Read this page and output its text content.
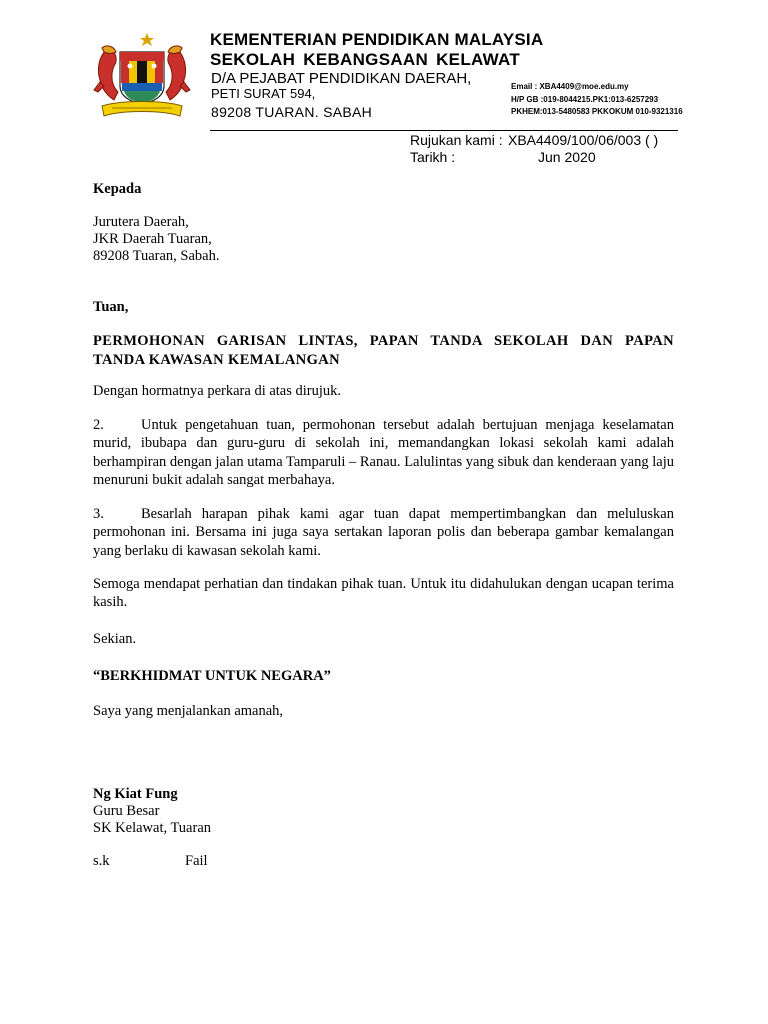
KEMENTERIAN PENDIDIKAN MALAYSIA
SEKOLAH KEBANGSAAN KELAWAT
D/A PEJABAT PENDIDIKAN DAERAH,
PETI SURAT 594,
89208 TUARAN. SABAH
Email : XBA4409@moe.edu.my
H/P GB :019-8044215.PK1:013-6257293
PKHEM:013-5480583 PKKOKUM 010-9321316
Rujukan kami : XBA4409/100/06/003 ( )
Tarikh :	Jun 2020
Kepada
Jurutera Daerah,
JKR Daerah Tuaran,
89208 Tuaran, Sabah.
Tuan,
PERMOHONAN GARISAN LINTAS, PAPAN TANDA SEKOLAH DAN PAPAN TANDA KAWASAN KEMALANGAN
Dengan hormatnya perkara di atas dirujuk.
2.	Untuk pengetahuan tuan, permohonan tersebut adalah bertujuan menjaga keselamatan murid, ibubapa dan guru-guru di sekolah ini, memandangkan lokasi sekolah kami adalah berhampiran dengan jalan utama Tamparuli – Ranau. Lalulintas yang sibuk dan kenderaan yang laju menuruni bukit adalah sangat merbahaya.
3.	Besarlah harapan pihak kami agar tuan dapat mempertimbangkan dan meluluskan permohonan ini. Bersama ini juga saya sertakan laporan polis dan beberapa gambar kemalangan yang berlaku di kawasan sekolah kami.
Semoga mendapat perhatian dan tindakan pihak tuan. Untuk itu didahulukan dengan ucapan terima kasih.
Sekian.
“BERKHIDMAT UNTUK NEGARA”
Saya yang menjalankan amanah,
Ng Kiat Fung
Guru Besar
SK Kelawat, Tuaran
s.k	Fail
